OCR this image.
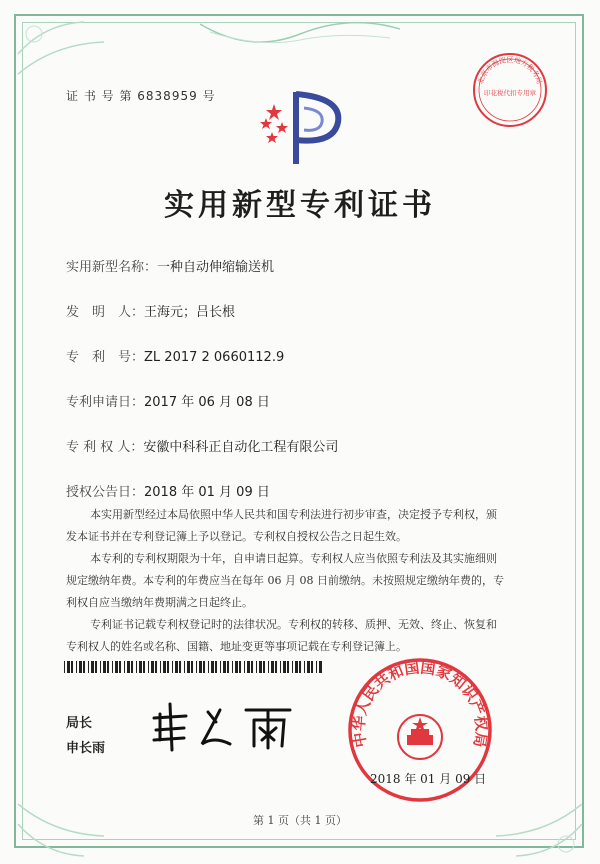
证 书 号 第 6838959 号
北京市海淀区地方税务局
印花税代扣专用章
实用新型专利证书
实用新型名称：一种自动伸缩输送机
发　明　人：王海元；吕长根
专　利　号：ZL 2017 2 0660112.9
专利申请日：2017 年 06 月 08 日
专 利 权 人：安徽中科科正自动化工程有限公司
授权公告日：2018 年 01 月 09 日
本实用新型经过本局依照中华人民共和国专利法进行初步审查，决定授予专利权，颁
发本证书并在专利登记簿上予以登记。专利权自授权公告之日起生效。
本专利的专利权期限为十年，自申请日起算。专利权人应当依照专利法及其实施细则
规定缴纳年费。本专利的年费应当在每年 06 月 08 日前缴纳。未按照规定缴纳年费的，专
利权自应当缴纳年费期满之日起终止。
专利证书记载专利权登记时的法律状况。专利权的转移、质押、无效、终止、恢复和
专利权人的姓名或名称、国籍、地址变更等事项记载在专利登记簿上。
局长
申长雨	中华人民共和国国家知识产权局
2018 年 01 月 09 日
第 1 页（共 1 页）
